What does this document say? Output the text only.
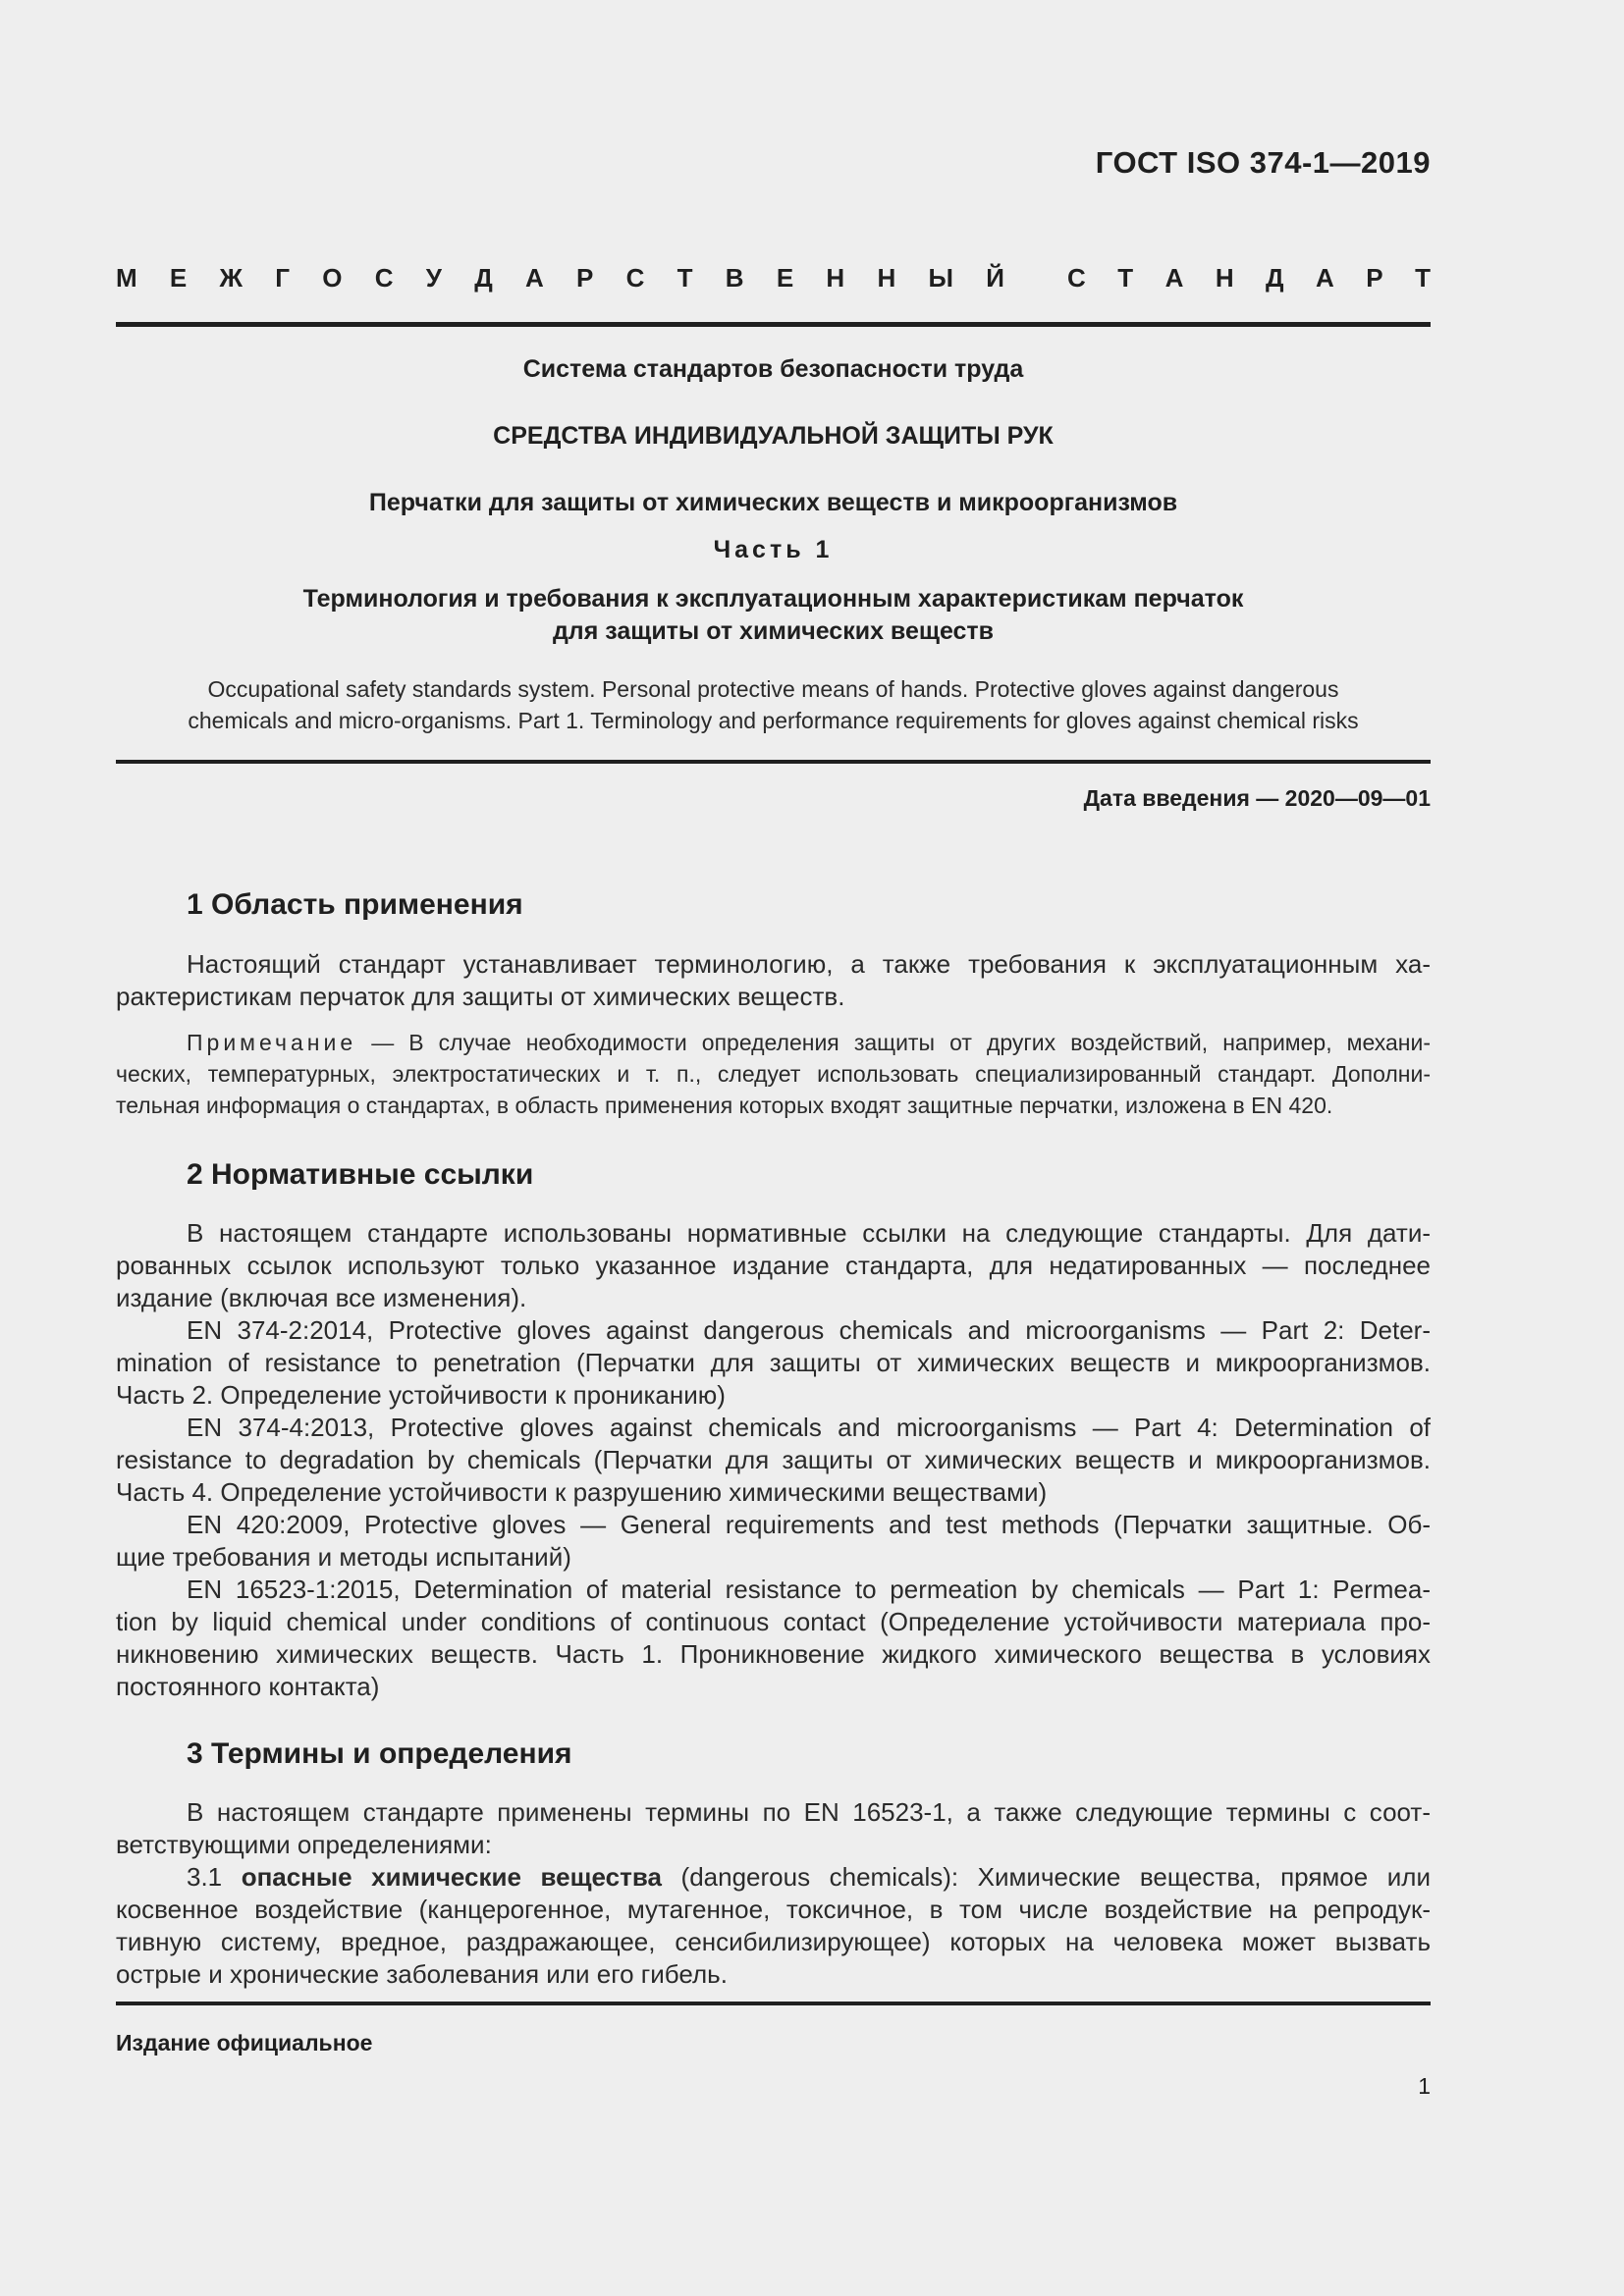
ГОСТ ISO 374-1—2019
М Е Ж Г О С У Д А Р С Т В Е Н Н Ы Й С Т А Н Д А Р Т
Система стандартов безопасности труда
СРЕДСТВА ИНДИВИДУАЛЬНОЙ ЗАЩИТЫ РУК
Перчатки для защиты от химических веществ и микроорганизмов
Часть 1
Терминология и требования к эксплуатационным характеристикам перчаток
для защиты от химических веществ
Occupational safety standards system. Personal protective means of hands. Protective gloves against dangerous
chemicals and micro-organisms. Part 1. Terminology and performance requirements for gloves against chemical risks
Дата введения — 2020—09—01
1 Область применения
Настоящий стандарт устанавливает терминологию, а также требования к эксплуатационным ха-
рактеристикам перчаток для защиты от химических веществ.
Примечание — В случае необходимости определения защиты от других воздействий, например, механи-
ческих, температурных, электростатических и т. п., следует использовать специализированный стандарт. Дополни-
тельная информация о стандартах, в область применения которых входят защитные перчатки, изложена в EN 420.
2 Нормативные ссылки
В настоящем стандарте использованы нормативные ссылки на следующие стандарты. Для дати-
рованных ссылок используют только указанное издание стандарта, для недатированных — последнее
издание (включая все изменения).
EN 374-2:2014, Protective gloves against dangerous chemicals and microorganisms — Part 2: Deter-
mination of resistance to penetration (Перчатки для защиты от химических веществ и микроорганизмов.
Часть 2. Определение устойчивости к прониканию)
EN 374-4:2013, Protective gloves against chemicals and microorganisms — Part 4: Determination of
resistance to degradation by chemicals (Перчатки для защиты от химических веществ и микроорганизмов.
Часть 4. Определение устойчивости к разрушению химическими веществами)
EN 420:2009, Protective gloves — General requirements and test methods (Перчатки защитные. Об-
щие требования и методы испытаний)
EN 16523-1:2015, Determination of material resistance to permeation by chemicals — Part 1: Permea-
tion by liquid chemical under conditions of continuous contact (Определение устойчивости материала про-
никновению химических веществ. Часть 1. Проникновение жидкого химического вещества в условиях
постоянного контакта)
3 Термины и определения
В настоящем стандарте применены термины по EN 16523-1, а также следующие термины с соот-
ветствующими определениями:
3.1 опасные химические вещества (dangerous chemicals): Химические вещества, прямое или
косвенное воздействие (канцерогенное, мутагенное, токсичное, в том числе воздействие на репродук-
тивную систему, вредное, раздражающее, сенсибилизирующее) которых на человека может вызвать
острые и хронические заболевания или его гибель.
Издание официальное
1
